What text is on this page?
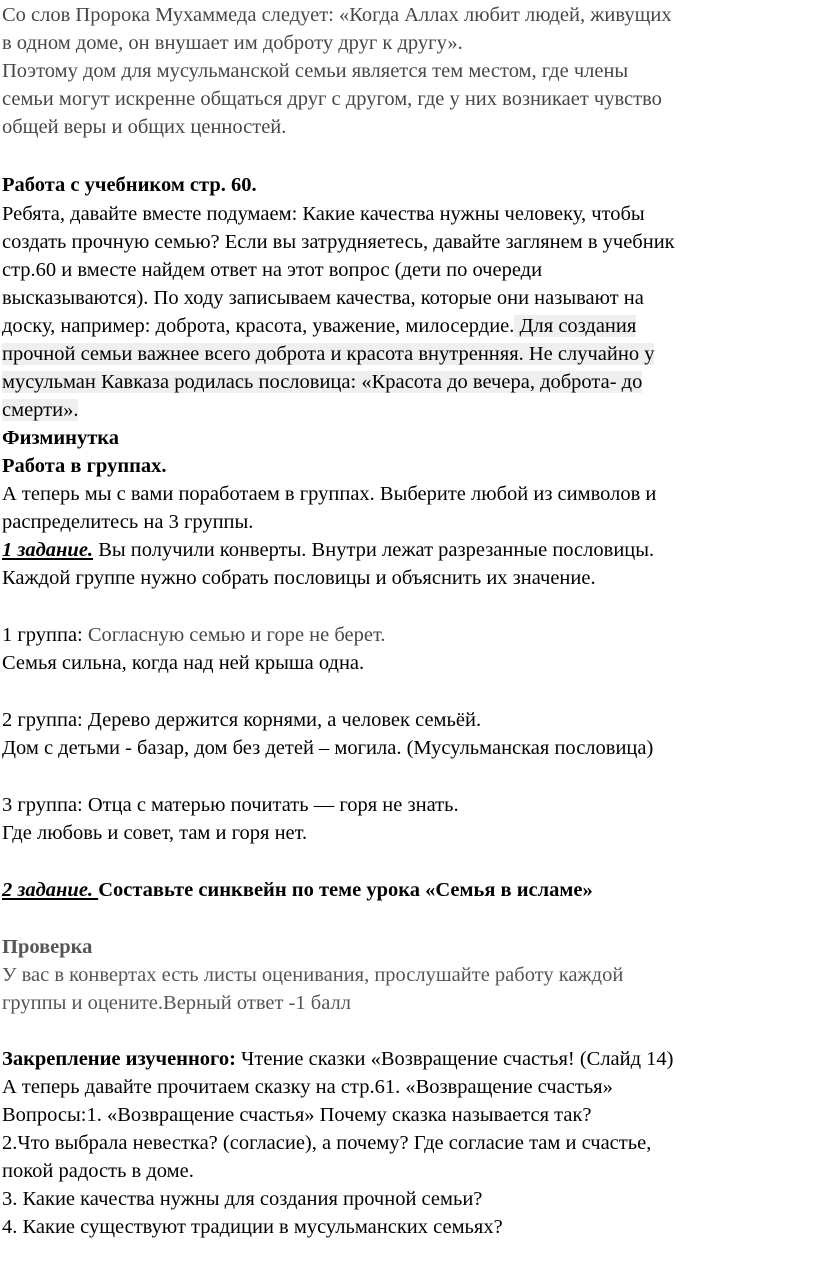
Со слов Пророка Мухаммеда следует: «Когда Аллах любит людей, живущих
в одном доме, он внушает им доброту друг к другу».
Поэтому дом для мусульманской семьи является тем местом, где члены
семьи могут искренне общаться друг с другом, где у них возникает чувство
общей веры и общих ценностей.
Работа с учебником стр. 60.
Ребята, давайте вместе подумаем: Какие качества нужны человеку, чтобы
создать прочную семью? Если вы затрудняетесь, давайте заглянем в учебник
стр.60 и вместе найдем ответ на этот вопрос (дети по очереди
высказываются). По ходу записываем качества, которые они называют на
доску, например: доброта, красота, уважение, милосердие. Для создания
прочной семьи важнее всего доброта и красота внутренняя. Не случайно у
мусульман Кавказа родилась пословица: «Красота до вечера, доброта- до
смерти».
Физминутка
Работа в группах.
А теперь мы с вами поработаем в группах. Выберите любой из символов и
распределитесь на 3 группы.
1 задание. Вы получили конверты. Внутри лежат разрезанные пословицы.
Каждой группе нужно собрать пословицы и объяснить их значение.
1 группа: Согласную семью и горе не берет.
Семья сильна, когда над ней крыша одна.
2 группа: Дерево держится корнями, а человек семьёй.
Дом с детьми - базар, дом без детей – могила. (Мусульманская пословица)
3 группа: Отца с матерью почитать — горя не знать.
Где любовь и совет, там и горя нет.
2 задание. Составьте синквейн по теме урока «Семья в исламе»
Проверка
У вас в конвертах есть листы оценивания, прослушайте работу каждой
группы и оцените.Верный ответ -1 балл
Закрепление изученного: Чтение сказки «Возвращение счастья! (Слайд 14)
А теперь давайте прочитаем сказку на стр.61. «Возвращение счастья»
Вопросы:1. «Возвращение счастья» Почему сказка называется так?
2.Что выбрала невестка? (согласие), а почему? Где согласие там и счастье,
покой радость в доме.
3. Какие качества нужны для создания прочной семьи?
4. Какие существуют традиции в мусульманских семьях?
